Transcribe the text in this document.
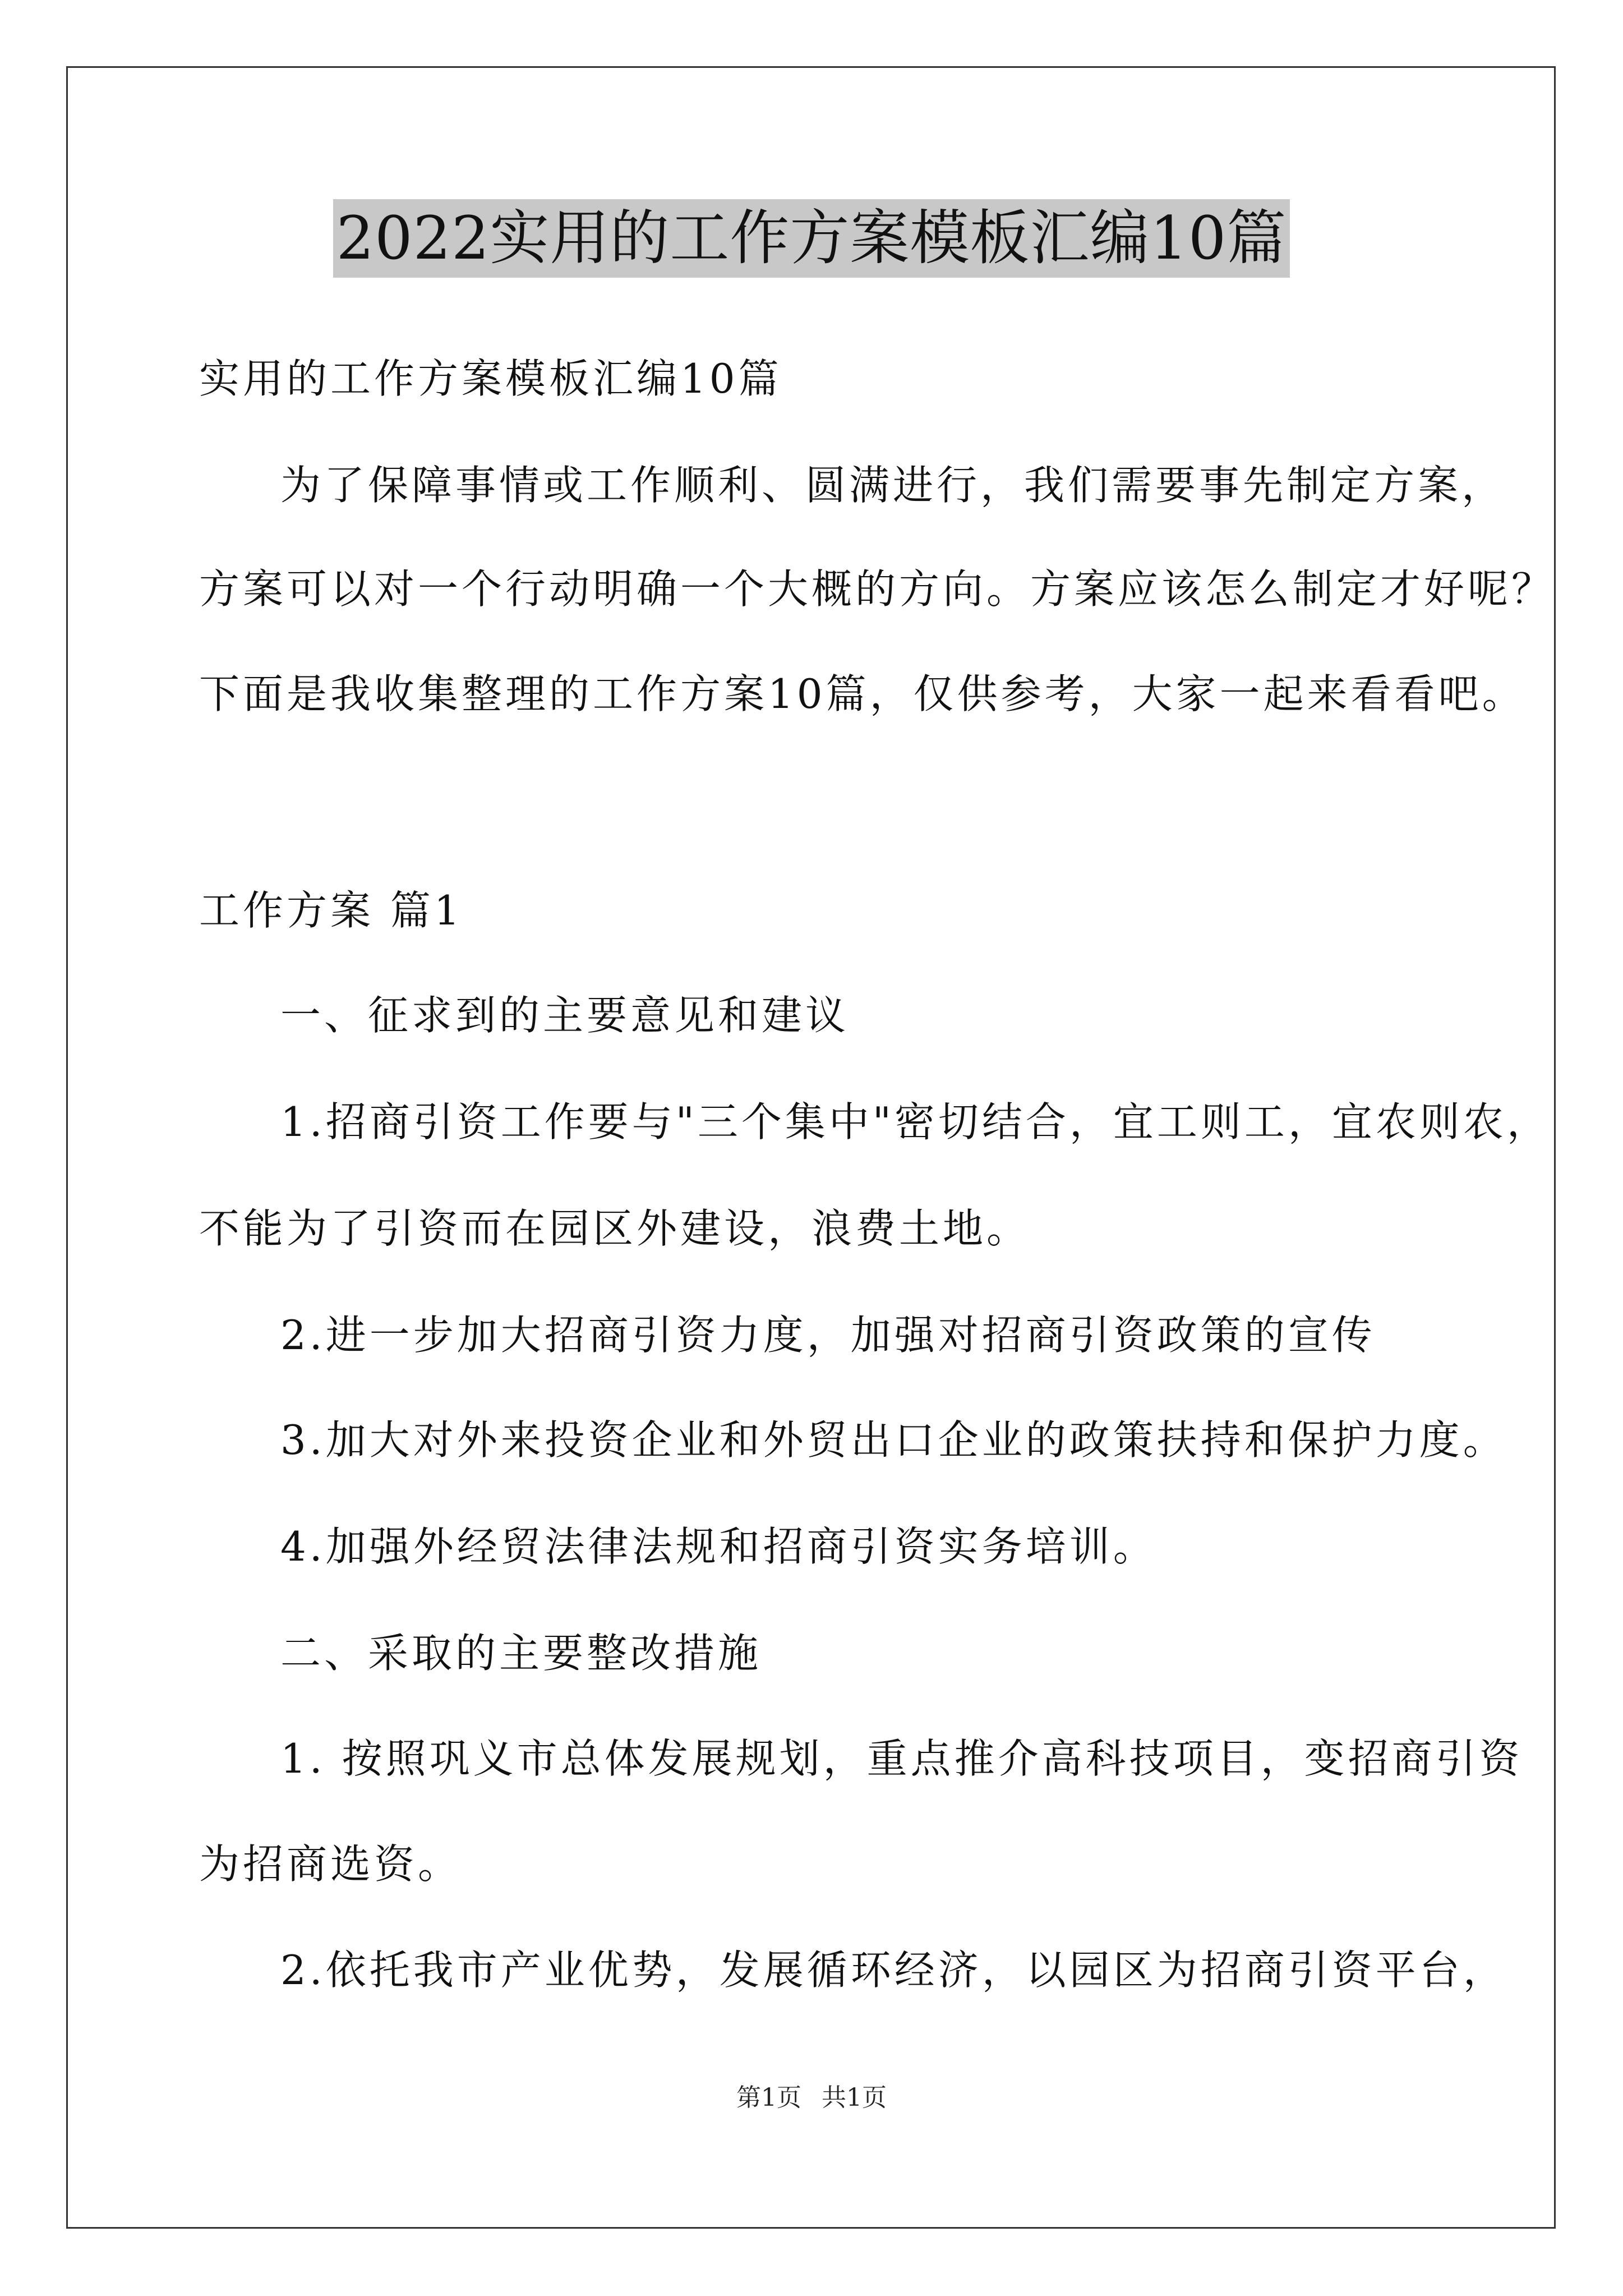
2022实用的工作方案模板汇编10篇
实用的工作方案模板汇编10篇
为了保障事情或工作顺利、圆满进行，我们需要事先制定方案，
方案可以对一个行动明确一个大概的方向。方案应该怎么制定才好呢？
下面是我收集整理的工作方案10篇，仅供参考，大家一起来看看吧。
工作方案 篇1
一、征求到的主要意见和建议
1.招商引资工作要与"三个集中"密切结合，宜工则工，宜农则农，
不能为了引资而在园区外建设，浪费土地。
2.进一步加大招商引资力度，加强对招商引资政策的宣传
3.加大对外来投资企业和外贸出口企业的政策扶持和保护力度。
4.加强外经贸法律法规和招商引资实务培训。
二、采取的主要整改措施
1. 按照巩义市总体发展规划，重点推介高科技项目，变招商引资
为招商选资。
2.依托我市产业优势，发展循环经济，以园区为招商引资平台，
第1页 共1页
